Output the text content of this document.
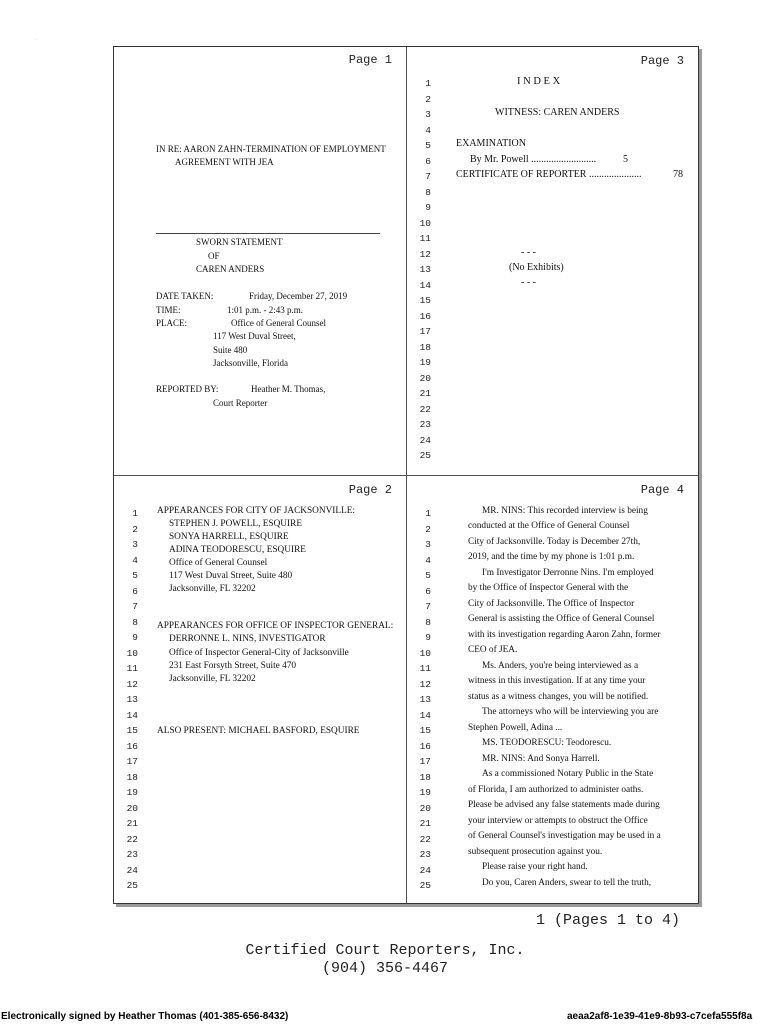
.
Page 1
IN RE: AARON ZAHN-TERMINATION OF EMPLOYMENT
AGREEMENT WITH JEA
SWORN STATEMENT
OF
CAREN ANDERS
DATE TAKEN:	Friday, December 27, 2019
TIME:	1:01 p.m. - 2:43 p.m.
PLACE:	Office of General Counsel
117 West Duval Street,
Suite 480
Jacksonville, Florida
REPORTED BY:	Heather M. Thomas,
Court Reporter
Page 3
1
2
3
4
5
6
7
8
9
10
11
12
13
14
15
16
17
18
19
20
21
22
23
24
25
I N D E X
WITNESS: CAREN ANDERS
EXAMINATION
By Mr. Powell ..........................	5
CERTIFICATE OF REPORTER .....................	78
- - -
(No Exhibits)
- - -
Page 2
1
2
3
4
5
6
7
8
9
10
11
12
13
14
15
16
17
18
19
20
21
22
23
24
25
APPEARANCES FOR CITY OF JACKSONVILLE:
STEPHEN J. POWELL, ESQUIRE
SONYA HARRELL, ESQUIRE
ADINA TEODORESCU, ESQUIRE
Office of General Counsel
117 West Duval Street, Suite 480
Jacksonville, FL 32202
APPEARANCES FOR OFFICE OF INSPECTOR GENERAL:
DERRONNE L. NINS, INVESTIGATOR
Office of Inspector General-City of Jacksonville
231 East Forsyth Street, Suite 470
Jacksonville, FL 32202
ALSO PRESENT: MICHAEL BASFORD, ESQUIRE
Page 4
1
2
3
4
5
6
7
8
9
10
11
12
13
14
15
16
17
18
19
20
21
22
23
24
25
MR. NINS: This recorded interview is being
conducted at the Office of General Counsel
City of Jacksonville. Today is December 27th,
2019, and the time by my phone is 1:01 p.m.
I'm Investigator Derronne Nins. I'm employed
by the Office of Inspector General with the
City of Jacksonville. The Office of Inspector
General is assisting the Office of General Counsel
with its investigation regarding Aaron Zahn, former
CEO of JEA.
Ms. Anders, you're being interviewed as a
witness in this investigation. If at any time your
status as a witness changes, you will be notified.
The attorneys who will be interviewing you are
Stephen Powell, Adina ...
MS. TEODORESCU: Teodorescu.
MR. NINS: And Sonya Harrell.
As a commissioned Notary Public in the State
of Florida, I am authorized to administer oaths.
Please be advised any false statements made during
your interview or attempts to obstruct the Office
of General Counsel's investigation may be used in a
subsequent prosecution against you.
Please raise your right hand.
Do you, Caren Anders, swear to tell the truth,
1 (Pages 1 to 4)
Certified Court Reporters, Inc.
(904) 356-4467
Electronically signed by Heather Thomas (401-385-656-8432)	aeaa2af8-1e39-41e9-8b93-c7cefa555f8a
